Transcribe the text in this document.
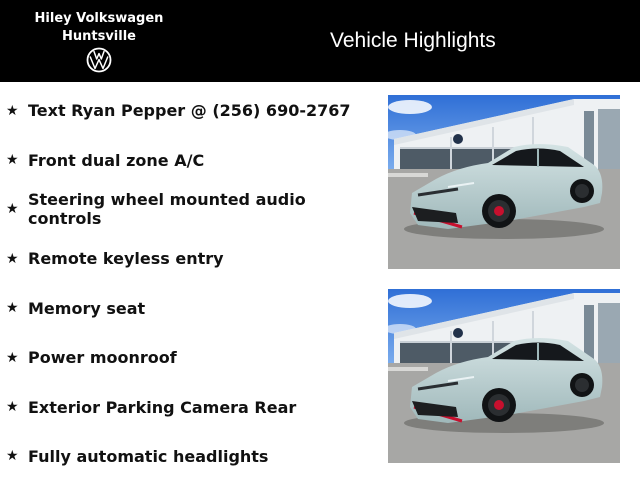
Hiley Volkswagen
Huntsville	Vehicle Highlights
★ Text Ryan Pepper @ (256) 690-2767
★ Front dual zone A/C
★ Steering wheel mounted audio controls
★ Remote keyless entry
★ Memory seat
★ Power moonroof
★ Exterior Parking Camera Rear
★ Fully automatic headlights
